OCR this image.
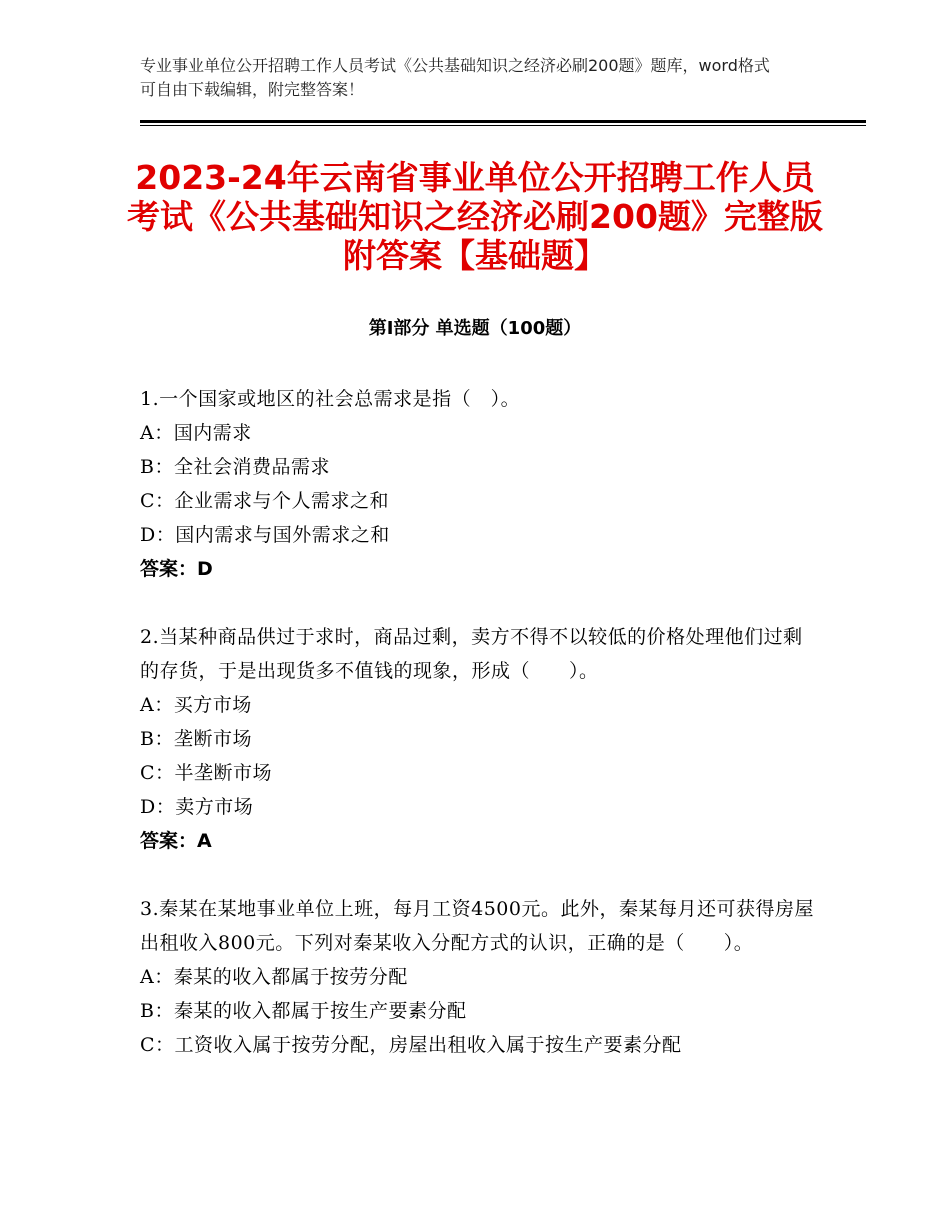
专业事业单位公开招聘工作人员考试《公共基础知识之经济必刷200题》题库，word格式可自由下载编辑，附完整答案！
2023-24年云南省事业单位公开招聘工作人员考试《公共基础知识之经济必刷200题》完整版附答案【基础题】
第Ⅰ部分 单选题（100题）
1.一个国家或地区的社会总需求是指（　）。
A：国内需求
B：全社会消费品需求
C：企业需求与个人需求之和
D：国内需求与国外需求之和
答案：D
2.当某种商品供过于求时，商品过剩，卖方不得不以较低的价格处理他们过剩的存货，于是出现货多不值钱的现象，形成（　　）。
A：买方市场
B：垄断市场
C：半垄断市场
D：卖方市场
答案：A
3.秦某在某地事业单位上班，每月工资4500元。此外，秦某每月还可获得房屋出租收入800元。下列对秦某收入分配方式的认识，正确的是（　　）。
A：秦某的收入都属于按劳分配
B：秦某的收入都属于按生产要素分配
C：工资收入属于按劳分配，房屋出租收入属于按生产要素分配
